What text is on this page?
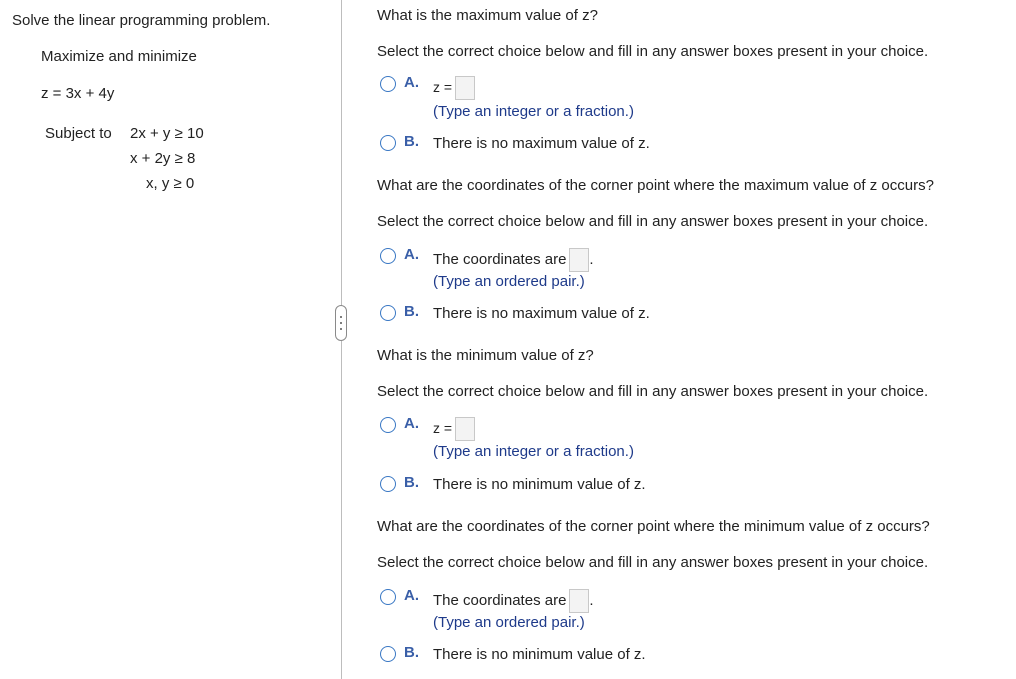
Solve the linear programming problem.
Maximize and minimize
z = 3x + 4y
Subject to 2x + y ≥ 10
x + 2y ≥ 8
x, y ≥ 0
What is the maximum value of z?
Select the correct choice below and fill in any answer boxes present in your choice.
A. z =
(Type an integer or a fraction.)
B. There is no maximum value of z.
What are the coordinates of the corner point where the maximum value of z occurs?
Select the correct choice below and fill in any answer boxes present in your choice.
A. The coordinates are .
(Type an ordered pair.)
B. There is no maximum value of z.
What is the minimum value of z?
Select the correct choice below and fill in any answer boxes present in your choice.
A. z =
(Type an integer or a fraction.)
B. There is no minimum value of z.
What are the coordinates of the corner point where the minimum value of z occurs?
Select the correct choice below and fill in any answer boxes present in your choice.
A. The coordinates are .
(Type an ordered pair.)
B. There is no minimum value of z.
